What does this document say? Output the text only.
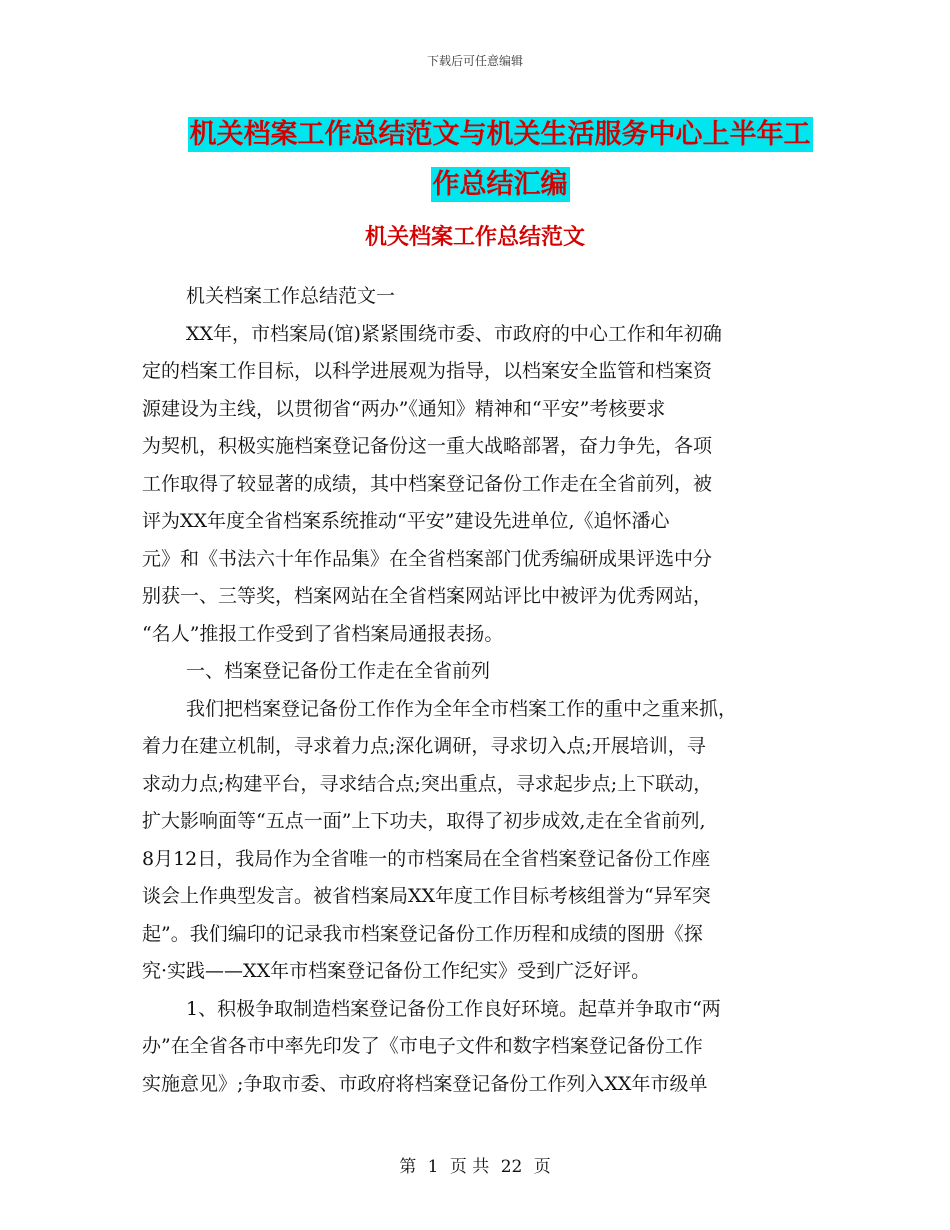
下载后可任意编辑
机关档案工作总结范文与机关生活服务中心上半年工
作总结汇编
机关档案工作总结范文
机关档案工作总结范文一
XX年，市档案局(馆)紧紧围绕市委、市政府的中心工作和年初确
定的档案工作目标，以科学进展观为指导，以档案安全监管和档案资
源建设为主线，以贯彻省“两办”《通知》精神和“平安”考核要求
为契机，积极实施档案登记备份这一重大战略部署，奋力争先，各项
工作取得了较显著的成绩，其中档案登记备份工作走在全省前列，被
评为XX年度全省档案系统推动“平安”建设先进单位,《追怀潘心
元》和《书法六十年作品集》在全省档案部门优秀编研成果评选中分
别获一、三等奖，档案网站在全省档案网站评比中被评为优秀网站，
“名人”推报工作受到了省档案局通报表扬。
一、档案登记备份工作走在全省前列
我们把档案登记备份工作作为全年全市档案工作的重中之重来抓，
着力在建立机制，寻求着力点;深化调研，寻求切入点;开展培训，寻
求动力点;构建平台，寻求结合点;突出重点，寻求起步点;上下联动，
扩大影响面等“五点一面”上下功夫，取得了初步成效,走在全省前列,
8月12日，我局作为全省唯一的市档案局在全省档案登记备份工作座
谈会上作典型发言。被省档案局XX年度工作目标考核组誉为“异军突
起”。我们编印的记录我市档案登记备份工作历程和成绩的图册《探
究·实践——XX年市档案登记备份工作纪实》受到广泛好评。
1、积极争取制造档案登记备份工作良好环境。起草并争取市“两
办”在全省各市中率先印发了《市电子文件和数字档案登记备份工作
实施意见》;争取市委、市政府将档案登记备份工作列入XX年市级单
第 1 页 共 22 页
